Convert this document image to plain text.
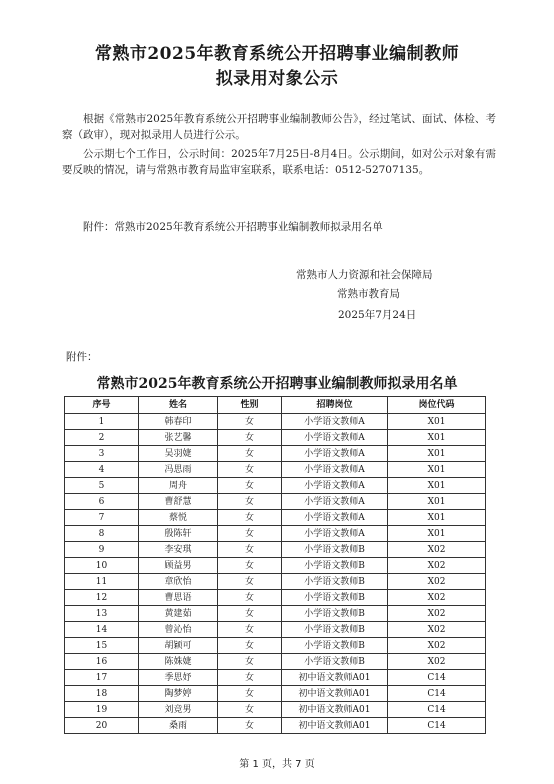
常熟市2025年教育系统公开招聘事业编制教师
拟录用对象公示

根据《常熟市2025年教育系统公开招聘事业编制教师公告》，经过笔试、面试、体检、考察（政审），现对拟录用人员进行公示。

公示期七个工作日，公示时间：2025年7月25日-8月4日。公示期间，如对公示对象有需要反映的情况，请与常熟市教育局监审室联系，联系电话：0512-52707135。

附件：常熟市2025年教育系统公开招聘事业编制教师拟录用名单

常熟市人力资源和社会保障局
常熟市教育局
2025年7月24日
附件：
常熟市2025年教育系统公开招聘事业编制教师拟录用名单
序号	姓名	性别	招聘岗位	岗位代码
1	韩春印	女	小学语文教师A	X01
2	张艺馨	女	小学语文教师A	X01
3	吴羽婕	女	小学语文教师A	X01
4	冯思雨	女	小学语文教师A	X01
5	周舟	女	小学语文教师A	X01
6	曹舒慧	女	小学语文教师A	X01
7	蔡悦	女	小学语文教师A	X01
8	殷陈轩	女	小学语文教师A	X01
9	李安琪	女	小学语文教师B	X02
10	顾益男	女	小学语文教师B	X02
11	章欣怡	女	小学语文教师B	X02
12	曹思语	女	小学语文教师B	X02
13	黄建茹	女	小学语文教师B	X02
14	曾沁怡	女	小学语文教师B	X02
15	胡颖可	女	小学语文教师B	X02
16	陈姝婕	女	小学语文教师B	X02
17	季思妤	女	初中语文教师A01	C14
18	陶梦婷	女	初中语文教师A01	C14
19	刘竞男	女	初中语文教师A01	C14
20	桑雨	女	初中语文教师A01	C14
第 1 页，共 7 页
